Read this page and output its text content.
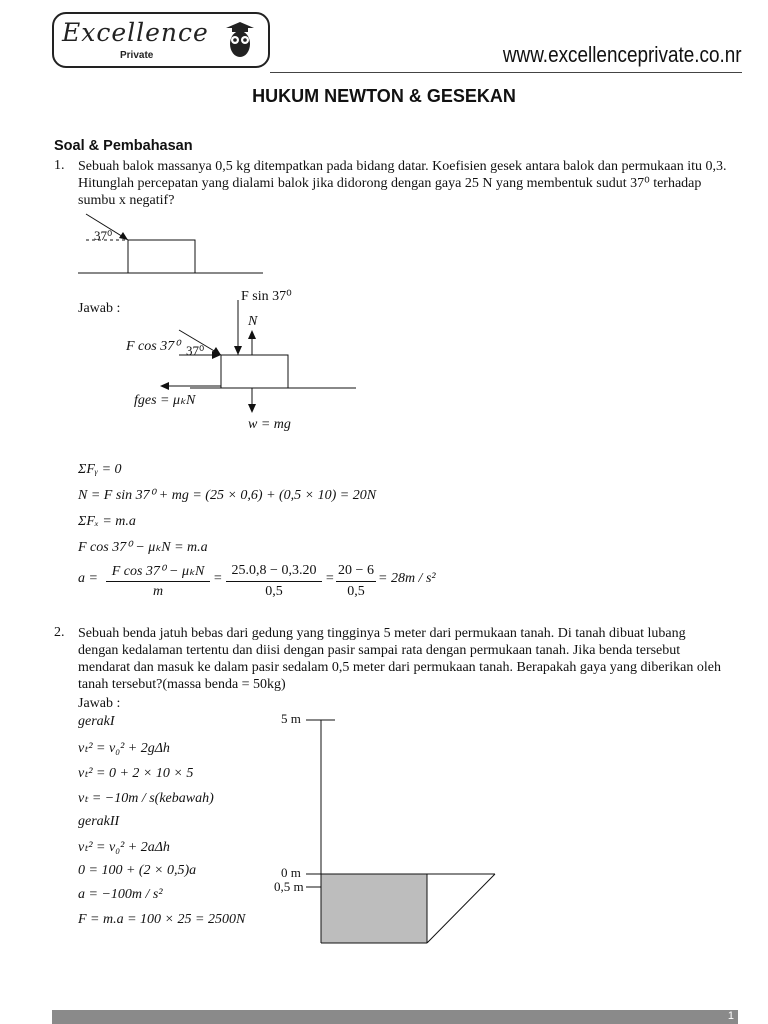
Excellence
Private	www.excellenceprivate.co.nr
HUKUM NEWTON & GESEKAN
Soal & Pembahasan
1. Sebuah balok massanya 0,5 kg ditempatkan pada bidang datar. Koefisien gesek antara balok dan permukaan itu 0,3. Hitunglah percepatan yang dialami balok jika didorong dengan gaya 25 N yang membentuk sudut 37⁰ terhadap sumbu x negatif?
37⁰
Jawab :
F sin 37⁰
N
F cos 37⁰ 37⁰
fges = μₖN
w = mg
ΣFᵧ = 0
N = F sin 37⁰ + mg = (25 × 0,6) + (0,5 × 10) = 20N
ΣFₓ = m.a
F cos 37⁰ − μₖN = m.a
a = F cos 37⁰ − μₖN
m
=
25.0,8 − 0,3.20
0,5
=
20 − 6
0,5
= 28m / s²
2. Sebuah benda jatuh bebas dari gedung yang tingginya 5 meter dari permukaan tanah. Di tanah dibuat lubang dengan kedalaman tertentu dan diisi dengan pasir sampai rata dengan permukaan tanah. Jika benda tersebut mendarat dan masuk ke dalam pasir sedalam 0,5 meter dari permukaan tanah. Berapakah gaya yang diberikan oleh tanah tersebut?(massa benda = 50kg)
Jawab :
gerakI
vₜ² = v₀² + 2gΔh
vₜ² = 0 + 2 × 10 × 5
vₜ = −10m / s(kebawah)
gerakII
vₜ² = v₀² + 2aΔh
0 = 100 + (2 × 0,5)a
a = −100m / s²
F = m.a = 100 × 25 = 2500N
5 m
0 m
0,5 m
1
